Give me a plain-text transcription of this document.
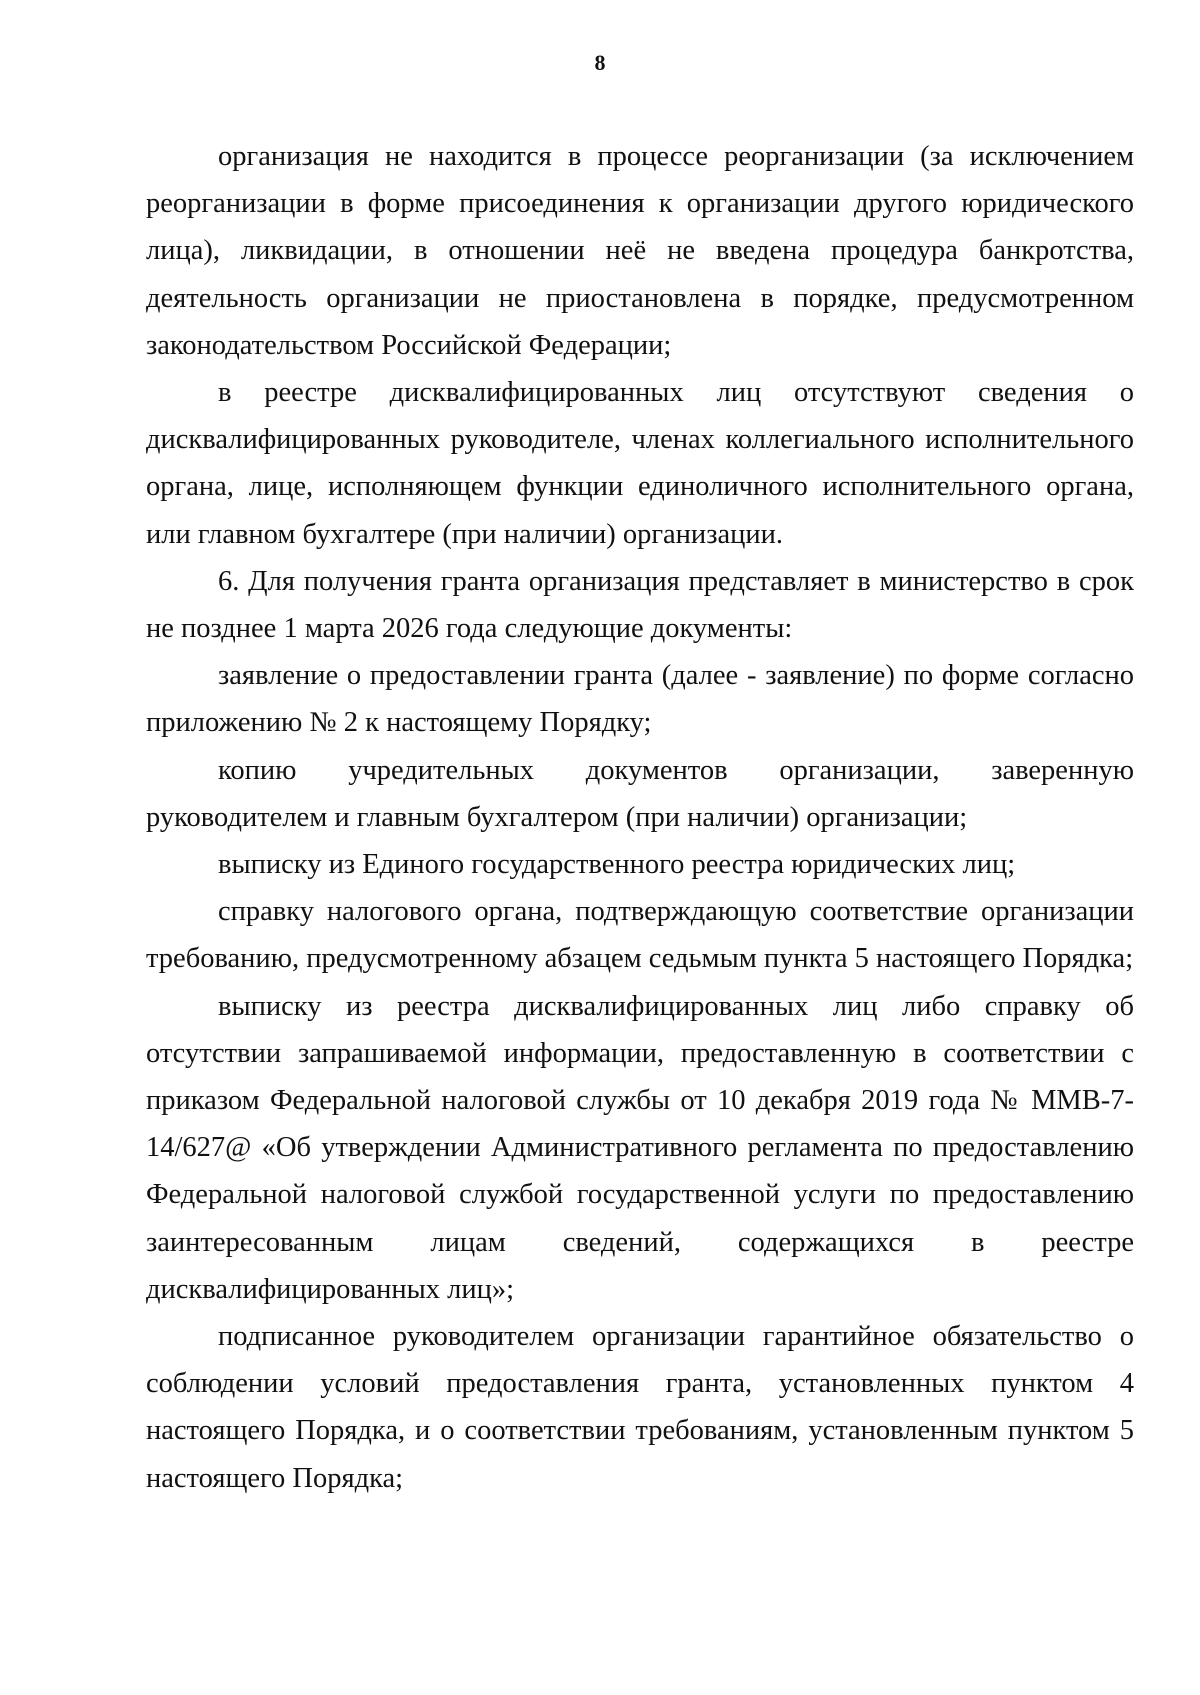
8

организация не находится в процессе реорганизации (за исключением реорганизации в форме присоединения к организации другого юридического лица), ликвидации, в отношении неё не введена процедура банкротства, деятельность организации не приостановлена в порядке, предусмотренном законодательством Российской Федерации;

в реестре дисквалифицированных лиц отсутствуют сведения о дисквалифицированных руководителе, членах коллегиального исполнительного органа, лице, исполняющем функции единоличного исполнительного органа, или главном бухгалтере (при наличии) организации.

6. Для получения гранта организация представляет в министерство в срок не позднее 1 марта 2026 года следующие документы:

заявление о предоставлении гранта (далее - заявление) по форме согласно приложению № 2 к настоящему Порядку;

копию учредительных документов организации, заверенную руководителем и главным бухгалтером (при наличии) организации;

выписку из Единого государственного реестра юридических лиц;

справку налогового органа, подтверждающую соответствие организации требованию, предусмотренному абзацем седьмым пункта 5 настоящего Порядка;

выписку из реестра дисквалифицированных лиц либо справку об отсутствии запрашиваемой информации, предоставленную в соответствии с приказом Федеральной налоговой службы от 10 декабря 2019 года № ММВ-7-14/627@ «Об утверждении Административного регламента по предоставлению Федеральной налоговой службой государственной услуги по предоставлению заинтересованным лицам сведений, содержащихся в реестре дисквалифицированных лиц»;

подписанное руководителем организации гарантийное обязательство о соблюдении условий предоставления гранта, установленных пунктом 4 настоящего Порядка, и о соответствии требованиям, установленным пунктом 5 настоящего Порядка;
